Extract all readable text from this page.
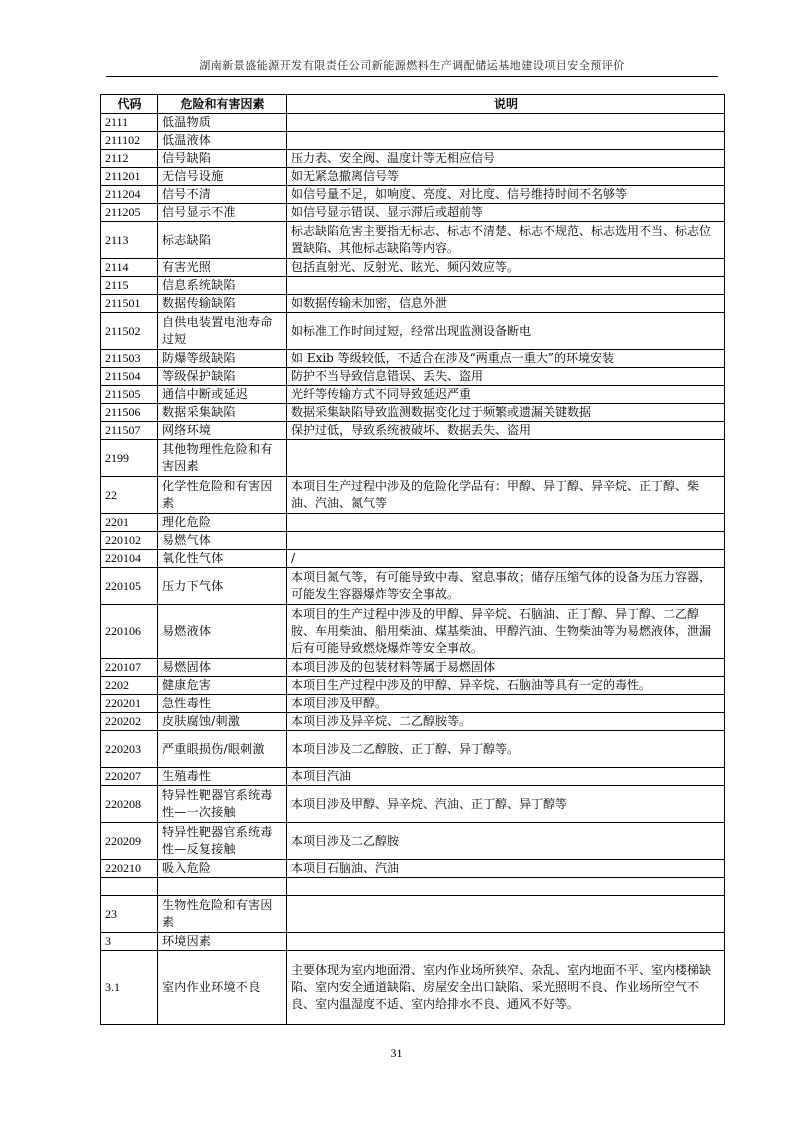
湖南新景盛能源开发有限责任公司新能源燃料生产调配储运基地建设项目安全预评价
代码	危险和有害因素	说明
2111	低温物质	
211102	低温液体	
2112	信号缺陷	压力表、安全阀、温度计等无相应信号
211201	无信号设施	如无紧急撤离信号等
211204	信号不清	如信号量不足，如响度、亮度、对比度、信号维持时间不名够等
211205	信号显示不准	如信号显示错误、显示滞后或超前等
2113	标志缺陷	标志缺陷危害主要指无标志、标志不清楚、标志不规范、标志选用不当、标志位置缺陷、其他标志缺陷等内容。
2114	有害光照	包括直射光、反射光、眩光、频闪效应等。
2115	信息系统缺陷	
211501	数据传输缺陷	如数据传输未加密，信息外泄
211502	自供电装置电池寿命过短	如标准工作时间过短，经常出现监测设备断电
211503	防爆等级缺陷	如 Exib 等级较低，不适合在涉及“两重点一重大”的环境安装
211504	等级保护缺陷	防护不当导致信息错误、丢失、盗用
211505	通信中断或延迟	光纤等传输方式不同导致延迟严重
211506	数据采集缺陷	数据采集缺陷导致监测数据变化过于频繁或遗漏关键数据
211507	网络环境	保护过低，导致系统被破坏、数据丢失、盗用
2199	其他物理性危险和有害因素	
22	化学性危险和有害因素	本项目生产过程中涉及的危险化学品有：甲醇、异丁醇、异辛烷、正丁醇、柴油、汽油、氮气等
2201	理化危险	
220102	易燃气体	
220104	氧化性气体	/
220105	压力下气体	本项目氮气等，有可能导致中毒、窒息事故；储存压缩气体的设备为压力容器，可能发生容器爆炸等安全事故。
220106	易燃液体	本项目的生产过程中涉及的甲醇、异辛烷、石脑油、正丁醇、异丁醇、二乙醇胺、车用柴油、船用柴油、煤基柴油、甲醇汽油、生物柴油等为易燃液体，泄漏后有可能导致燃烧爆炸等安全事故。
220107	易燃固体	本项目涉及的包装材料等属于易燃固体
2202	健康危害	本项目生产过程中涉及的甲醇、异辛烷、石脑油等具有一定的毒性。
220201	急性毒性	本项目涉及甲醇。
220202	皮肤腐蚀/刺激	本项目涉及异辛烷、二乙醇胺等。
220203	严重眼损伤/眼刺激	本项目涉及二乙醇胺、正丁醇、异丁醇等。
220207	生殖毒性	本项目汽油
220208	特异性靶器官系统毒性—一次接触	本项目涉及甲醇、异辛烷、汽油、正丁醇、异丁醇等
220209	特异性靶器官系统毒性—反复接触	本项目涉及二乙醇胺
220210	吸入危险	本项目石脑油、汽油

23	生物性危险和有害因素	
3	环境因素	
3.1	室内作业环境不良	主要体现为室内地面滑、室内作业场所狭窄、杂乱、室内地面不平、室内楼梯缺陷、室内安全通道缺陷、房屋安全出口缺陷、采光照明不良、作业场所空气不良、室内温湿度不适、室内给排水不良、通风不好等。
31
